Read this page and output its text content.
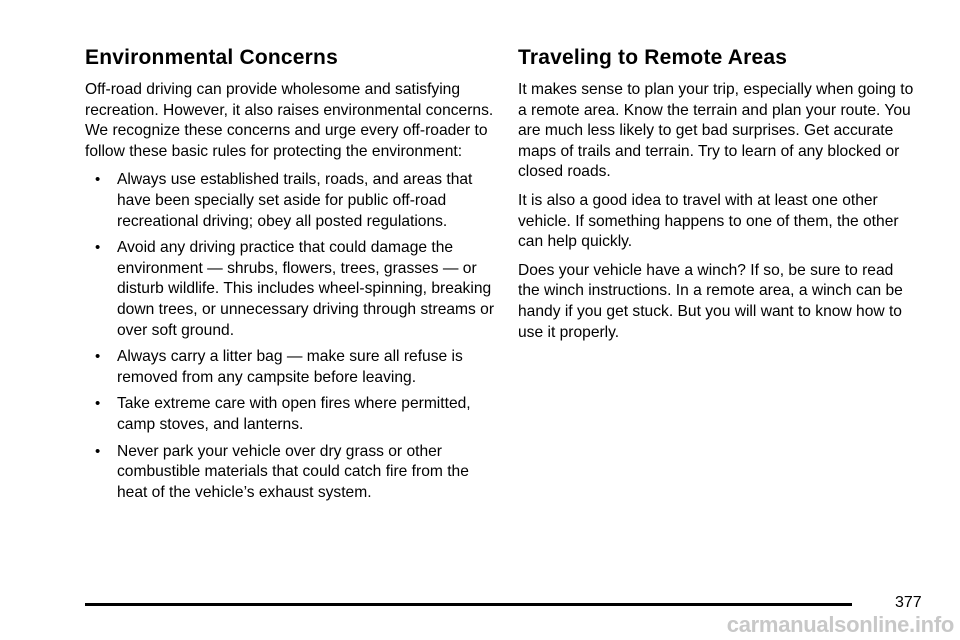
Environmental Concerns

Off-road driving can provide wholesome and satisfying recreation. However, it also raises environmental concerns. We recognize these concerns and urge every off-roader to follow these basic rules for protecting the environment:

• Always use established trails, roads, and areas that have been specially set aside for public off-road recreational driving; obey all posted regulations.
• Avoid any driving practice that could damage the environment — shrubs, flowers, trees, grasses — or disturb wildlife. This includes wheel-spinning, breaking down trees, or unnecessary driving through streams or over soft ground.
• Always carry a litter bag — make sure all refuse is removed from any campsite before leaving.
• Take extreme care with open fires where permitted, camp stoves, and lanterns.
• Never park your vehicle over dry grass or other combustible materials that could catch fire from the heat of the vehicle’s exhaust system.
Traveling to Remote Areas

It makes sense to plan your trip, especially when going to a remote area. Know the terrain and plan your route. You are much less likely to get bad surprises. Get accurate maps of trails and terrain. Try to learn of any blocked or closed roads.

It is also a good idea to travel with at least one other vehicle. If something happens to one of them, the other can help quickly.

Does your vehicle have a winch? If so, be sure to read the winch instructions. In a remote area, a winch can be handy if you get stuck. But you will want to know how to use it properly.

377
carmanualsonline.info
